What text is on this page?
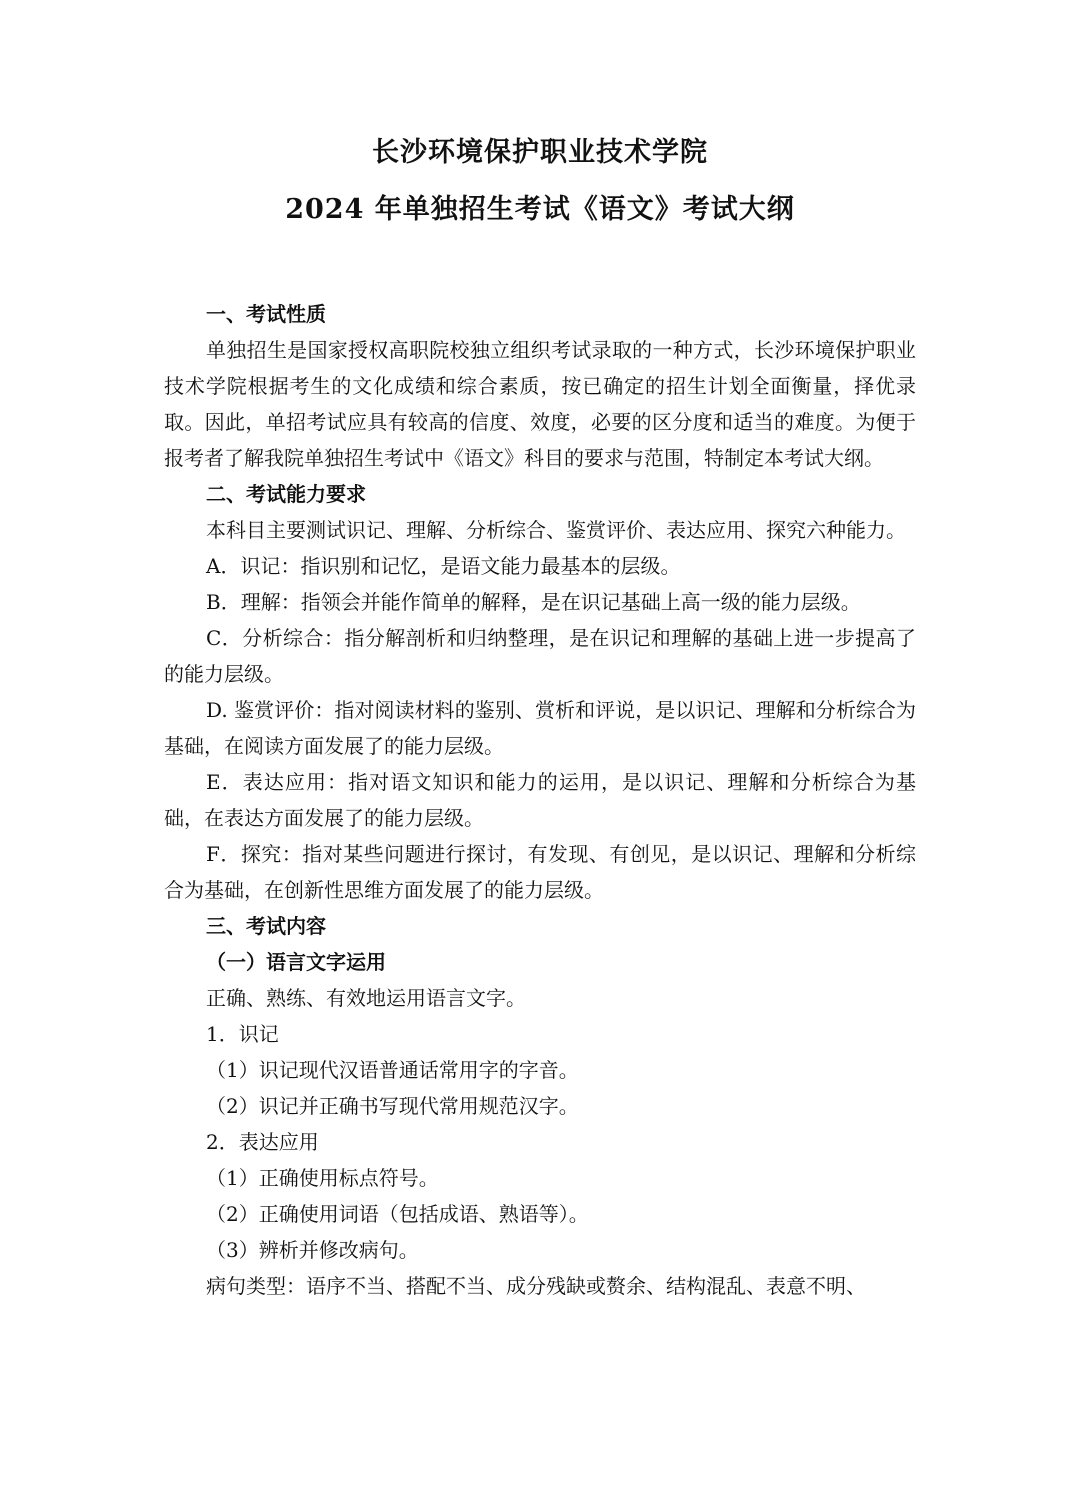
长沙环境保护职业技术学院
2024 年单独招生考试《语文》考试大纲

一、考试性质

单独招生是国家授权高职院校独立组织考试录取的一种方式，长沙环境保护职业技术学院根据考生的文化成绩和综合素质，按已确定的招生计划全面衡量，择优录取。因此，单招考试应具有较高的信度、效度，必要的区分度和适当的难度。为便于报考者了解我院单独招生考试中《语文》科目的要求与范围，特制定本考试大纲。

二、考试能力要求

本科目主要测试识记、理解、分析综合、鉴赏评价、表达应用、探究六种能力。

A．识记：指识别和记忆，是语文能力最基本的层级。

B．理解：指领会并能作简单的解释，是在识记基础上高一级的能力层级。

C．分析综合：指分解剖析和归纳整理，是在识记和理解的基础上进一步提高了的能力层级。

D. 鉴赏评价：指对阅读材料的鉴别、赏析和评说，是以识记、理解和分析综合为基础，在阅读方面发展了的能力层级。

E．表达应用：指对语文知识和能力的运用，是以识记、理解和分析综合为基础，在表达方面发展了的能力层级。

F．探究：指对某些问题进行探讨，有发现、有创见，是以识记、理解和分析综合为基础，在创新性思维方面发展了的能力层级。

三、考试内容

（一）语言文字运用

正确、熟练、有效地运用语言文字。

1．识记

（1）识记现代汉语普通话常用字的字音。

（2）识记并正确书写现代常用规范汉字。

2．表达应用

（1）正确使用标点符号。

（2）正确使用词语（包括成语、熟语等）。

（3）辨析并修改病句。

病句类型：语序不当、搭配不当、成分残缺或赘余、结构混乱、表意不明、
